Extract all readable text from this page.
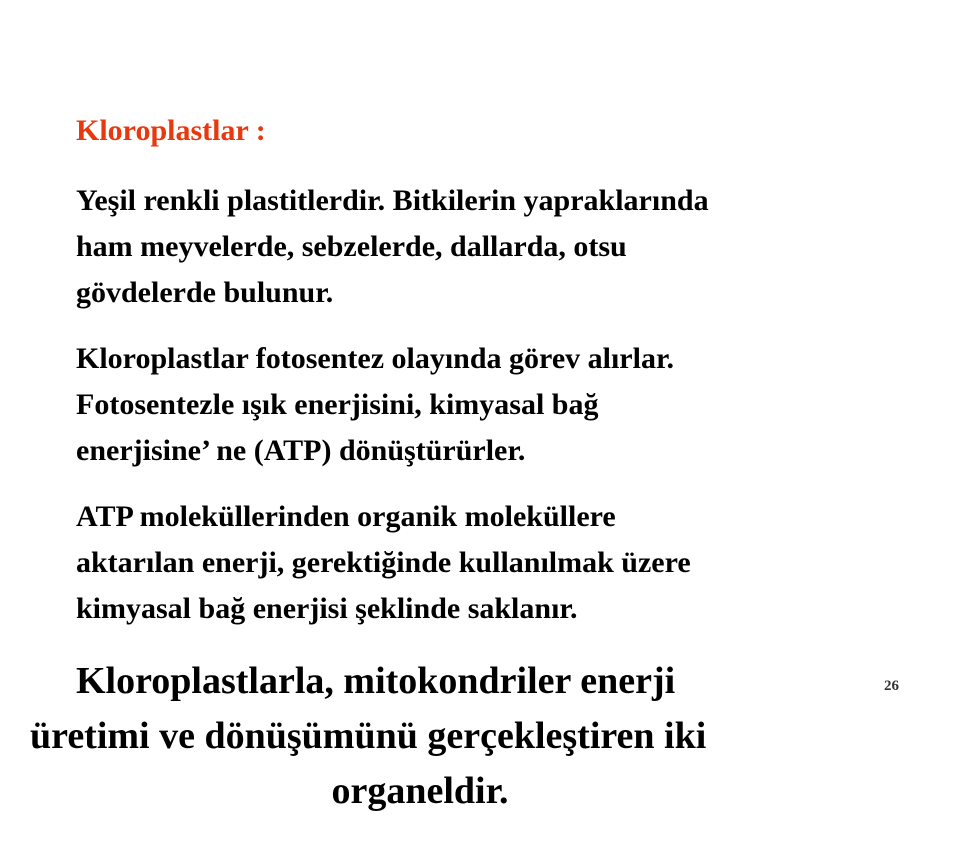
Kloroplastlar :

Yeşil renkli plastitlerdir. Bitkilerin yapraklarında
ham meyvelerde, sebzelerde, dallarda, otsu
gövdelerde bulunur.

Kloroplastlar fotosentez olayında görev alırlar.
Fotosentezle ışık enerjisini, kimyasal bağ
enerjisine’ ne (ATP) dönüştürürler.

ATP moleküllerinden organik moleküllere
aktarılan enerji, gerektiğinde kullanılmak üzere
kimyasal bağ enerjisi şeklinde saklanır.

Kloroplastlarla, mitokondriler enerji
üretimi ve dönüşümünü gerçekleştiren iki
organeldir.

26
